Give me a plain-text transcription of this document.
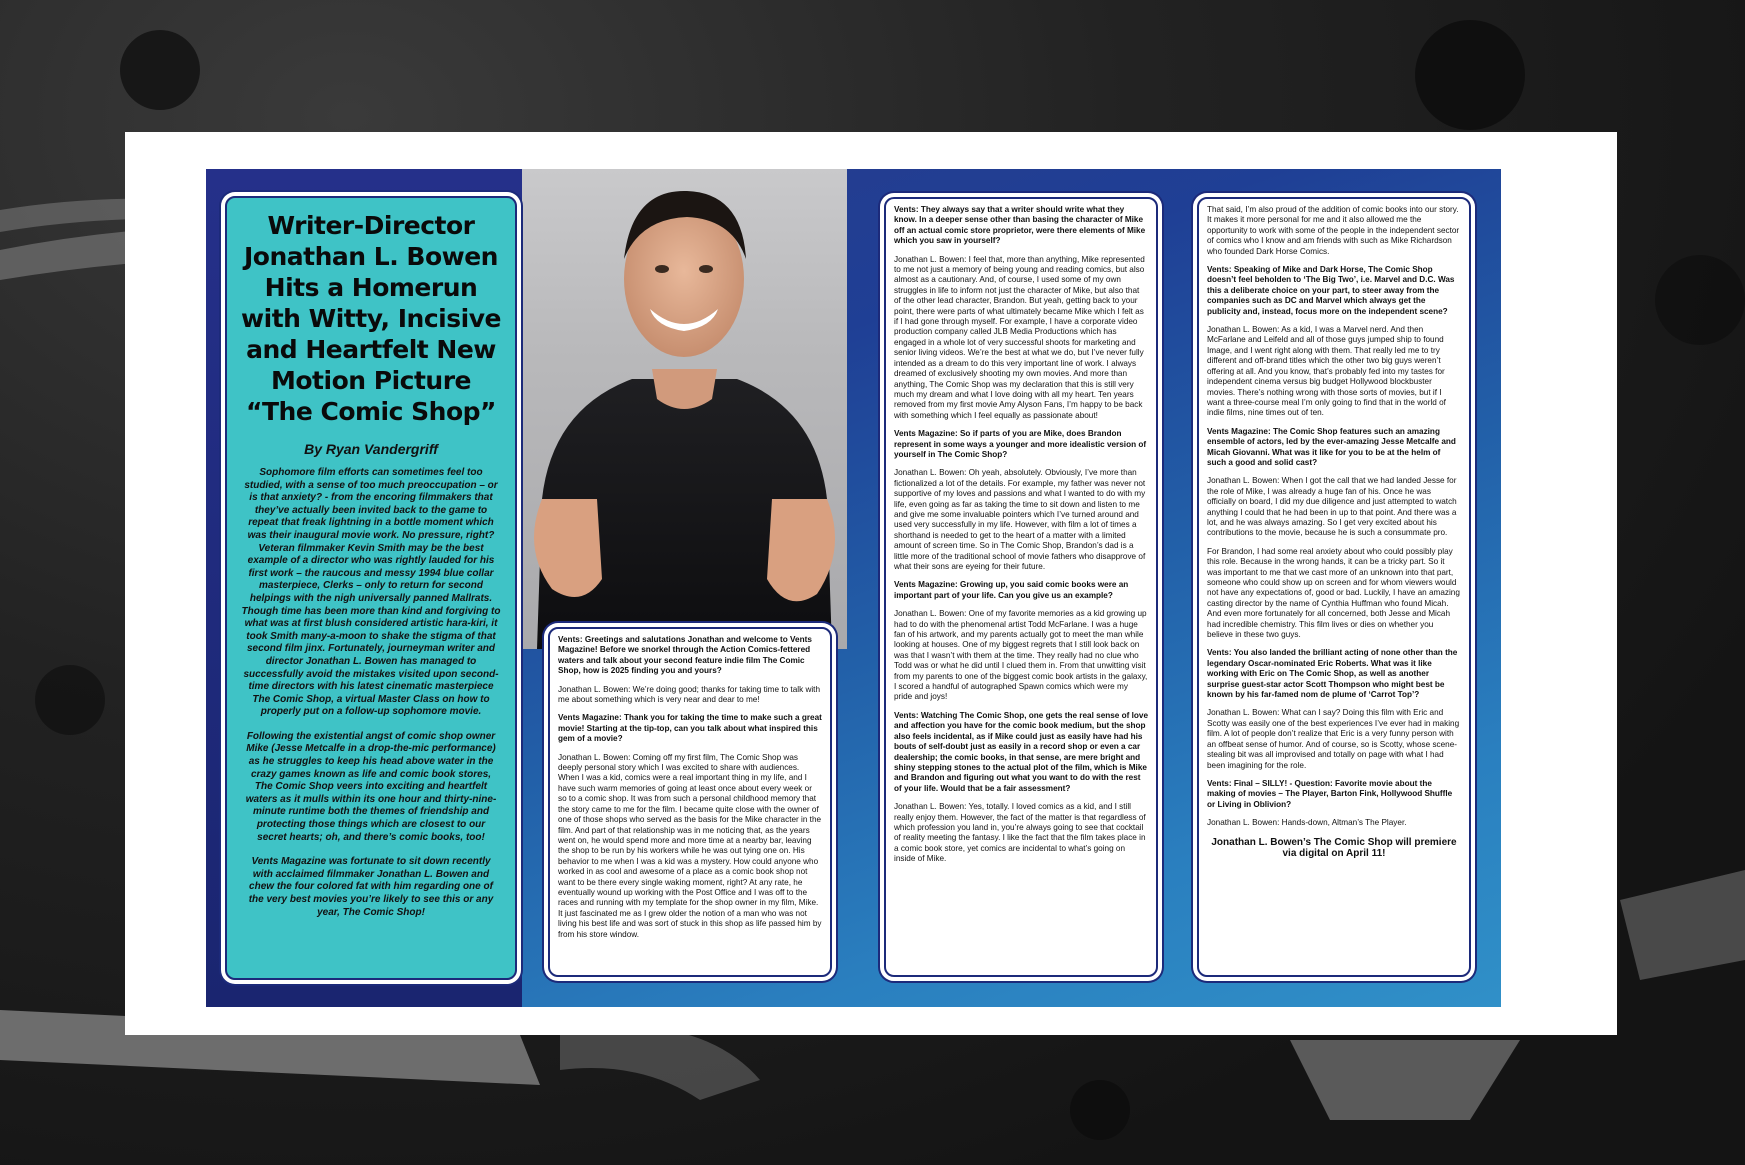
Writer-Director Jonathan L. Bowen Hits a Homerun with Witty, Incisive and Heartfelt New Motion Picture “The Comic Shop”
By Ryan Vandergriff

Sophomore film efforts can sometimes feel too studied, with a sense of too much preoccupation – or is that anxiety? - from the encoring filmmakers that they’ve actually been invited back to the game to repeat that freak lightning in a bottle moment which was their inaugural movie work. No pressure, right? Veteran filmmaker Kevin Smith may be the best example of a director who was rightly lauded for his first work – the raucous and messy 1994 blue collar masterpiece, Clerks – only to return for second helpings with the nigh universally panned Mallrats. Though time has been more than kind and forgiving to what was at first blush considered artistic hara-kiri, it took Smith many-a-moon to shake the stigma of that second film jinx. Fortunately, journeyman writer and director Jonathan L. Bowen has managed to successfully avoid the mistakes visited upon second-time directors with his latest cinematic masterpiece The Comic Shop, a virtual Master Class on how to properly put on a follow-up sophomore movie.

Following the existential angst of comic shop owner Mike (Jesse Metcalfe in a drop-the-mic performance) as he struggles to keep his head above water in the crazy games known as life and comic book stores, The Comic Shop veers into exciting and heartfelt waters as it mulls within its one hour and thirty-nine-minute runtime both the themes of friendship and protecting those things which are closest to our secret hearts; oh, and there’s comic books, too!

Vents Magazine was fortunate to sit down recently with acclaimed filmmaker Jonathan L. Bowen and chew the four colored fat with him regarding one of the very best movies you’re likely to see this or any year, The Comic Shop!

Vents: Greetings and salutations Jonathan and welcome to Vents Magazine! Before we snorkel through the Action Comics-fettered waters and talk about your second feature indie film The Comic Shop, how is 2025 finding you and yours?

Jonathan L. Bowen: We’re doing good; thanks for taking time to talk with me about something which is very near and dear to me!

Vents Magazine: Thank you for taking the time to make such a great movie! Starting at the tip-top, can you talk about what inspired this gem of a movie?

Jonathan L. Bowen: Coming off my first film, The Comic Shop was deeply personal story which I was excited to share with audiences. When I was a kid, comics were a real important thing in my life, and I have such warm memories of going at least once about every week or so to a comic shop. It was from such a personal childhood memory that the story came to me for the film. I became quite close with the owner of one of those shops who served as the basis for the Mike character in the film. And part of that relationship was in me noticing that, as the years went on, he would spend more and more time at a nearby bar, leaving the shop to be run by his workers while he was out tying one on. His behavior to me when I was a kid was a mystery. How could anyone who worked in as cool and awesome of a place as a comic book shop not want to be there every single waking moment, right? At any rate, he eventually wound up working with the Post Office and I was off to the races and running with my template for the shop owner in my film, Mike. It just fascinated me as I grew older the notion of a man who was not living his best life and was sort of stuck in this shop as life passed him by from his store window.

Vents: They always say that a writer should write what they know. In a deeper sense other than basing the character of Mike off an actual comic store proprietor, were there elements of Mike which you saw in yourself?

Jonathan L. Bowen: I feel that, more than anything, Mike represented to me not just a memory of being young and reading comics, but also almost as a cautionary. And, of course, I used some of my own struggles in life to inform not just the character of Mike, but also that of the other lead character, Brandon. But yeah, getting back to your point, there were parts of what ultimately became Mike which I felt as if I had gone through myself. For example, I have a corporate video production company called JLB Media Productions which has engaged in a whole lot of very successful shoots for marketing and senior living videos. We’re the best at what we do, but I’ve never fully intended as a dream to do this very important line of work. I always dreamed of exclusively shooting my own movies. And more than anything, The Comic Shop was my declaration that this is still very much my dream and what I love doing with all my heart. Ten years removed from my first movie Amy Alyson Fans, I’m happy to be back with something which I feel equally as passionate about!

Vents Magazine: So if parts of you are Mike, does Brandon represent in some ways a younger and more idealistic version of yourself in The Comic Shop?

Jonathan L. Bowen: Oh yeah, absolutely. Obviously, I’ve more than fictionalized a lot of the details. For example, my father was never not supportive of my loves and passions and what I wanted to do with my life, even going as far as taking the time to sit down and listen to me and give me some invaluable pointers which I’ve turned around and used very successfully in my life. However, with film a lot of times a shorthand is needed to get to the heart of a matter with a limited amount of screen time. So in The Comic Shop, Brandon’s dad is a little more of the traditional school of movie fathers who disapprove of what their sons are eyeing for their future.

Vents Magazine: Growing up, you said comic books were an important part of your life. Can you give us an example?

Jonathan L. Bowen: One of my favorite memories as a kid growing up had to do with the phenomenal artist Todd McFarlane. I was a huge fan of his artwork, and my parents actually got to meet the man while looking at houses. One of my biggest regrets that I still look back on was that I wasn’t with them at the time. They really had no clue who Todd was or what he did until I clued them in. From that unwitting visit from my parents to one of the biggest comic book artists in the galaxy, I scored a handful of autographed Spawn comics which were my pride and joys!

Vents: Watching The Comic Shop, one gets the real sense of love and affection you have for the comic book medium, but the shop also feels incidental, as if Mike could just as easily have had his bouts of self-doubt just as easily in a record shop or even a car dealership; the comic books, in that sense, are mere bright and shiny stepping stones to the actual plot of the film, which is Mike and Brandon and figuring out what you want to do with the rest of your life. Would that be a fair assessment?

Jonathan L. Bowen: Yes, totally. I loved comics as a kid, and I still really enjoy them. However, the fact of the matter is that regardless of which profession you land in, you’re always going to see that cocktail of reality meeting the fantasy. I like the fact that the film takes place in a comic book store, yet comics are incidental to what’s going on inside of Mike.

That said, I’m also proud of the addition of comic books into our story. It makes it more personal for me and it also allowed me the opportunity to work with some of the people in the independent sector of comics who I know and am friends with such as Mike Richardson who founded Dark Horse Comics.

Vents: Speaking of Mike and Dark Horse, The Comic Shop doesn’t feel beholden to ‘The Big Two’, i.e. Marvel and D.C. Was this a deliberate choice on your part, to steer away from the companies such as DC and Marvel which always get the publicity and, instead, focus more on the independent scene?

Jonathan L. Bowen: As a kid, I was a Marvel nerd. And then McFarlane and Leifeld and all of those guys jumped ship to found Image, and I went right along with them. That really led me to try different and off-brand titles which the other two big guys weren’t offering at all. And you know, that’s probably fed into my tastes for independent cinema versus big budget Hollywood blockbuster movies. There’s nothing wrong with those sorts of movies, but if I want a three-course meal I’m only going to find that in the world of indie films, nine times out of ten.

Vents Magazine: The Comic Shop features such an amazing ensemble of actors, led by the ever-amazing Jesse Metcalfe and Micah Giovanni. What was it like for you to be at the helm of such a good and solid cast?

Jonathan L. Bowen: When I got the call that we had landed Jesse for the role of Mike, I was already a huge fan of his. Once he was officially on board, I did my due diligence and just attempted to watch anything I could that he had been in up to that point. And there was a lot, and he was always amazing. So I get very excited about his contributions to the movie, because he is such a consummate pro.

For Brandon, I had some real anxiety about who could possibly play this role. Because in the wrong hands, it can be a tricky part. So it was important to me that we cast more of an unknown into that part, someone who could show up on screen and for whom viewers would not have any expectations of, good or bad. Luckily, I have an amazing casting director by the name of Cynthia Huffman who found Micah. And even more fortunately for all concerned, both Jesse and Micah had incredible chemistry. This film lives or dies on whether you believe in these two guys.

Vents: You also landed the brilliant acting of none other than the legendary Oscar-nominated Eric Roberts. What was it like working with Eric on The Comic Shop, as well as another surprise guest-star actor Scott Thompson who might best be known by his far-famed nom de plume of ‘Carrot Top’?

Jonathan L. Bowen: What can I say? Doing this film with Eric and Scotty was easily one of the best experiences I’ve ever had in making film. A lot of people don’t realize that Eric is a very funny person with an offbeat sense of humor. And of course, so is Scotty, whose scene-stealing bit was all improvised and totally on page with what I had been imagining for the role.

Vents: Final – SILLY! - Question: Favorite movie about the making of movies – The Player, Barton Fink, Hollywood Shuffle or Living in Oblivion?

Jonathan L. Bowen: Hands-down, Altman’s The Player.

Jonathan L. Bowen’s The Comic Shop will premiere via digital on April 11!
